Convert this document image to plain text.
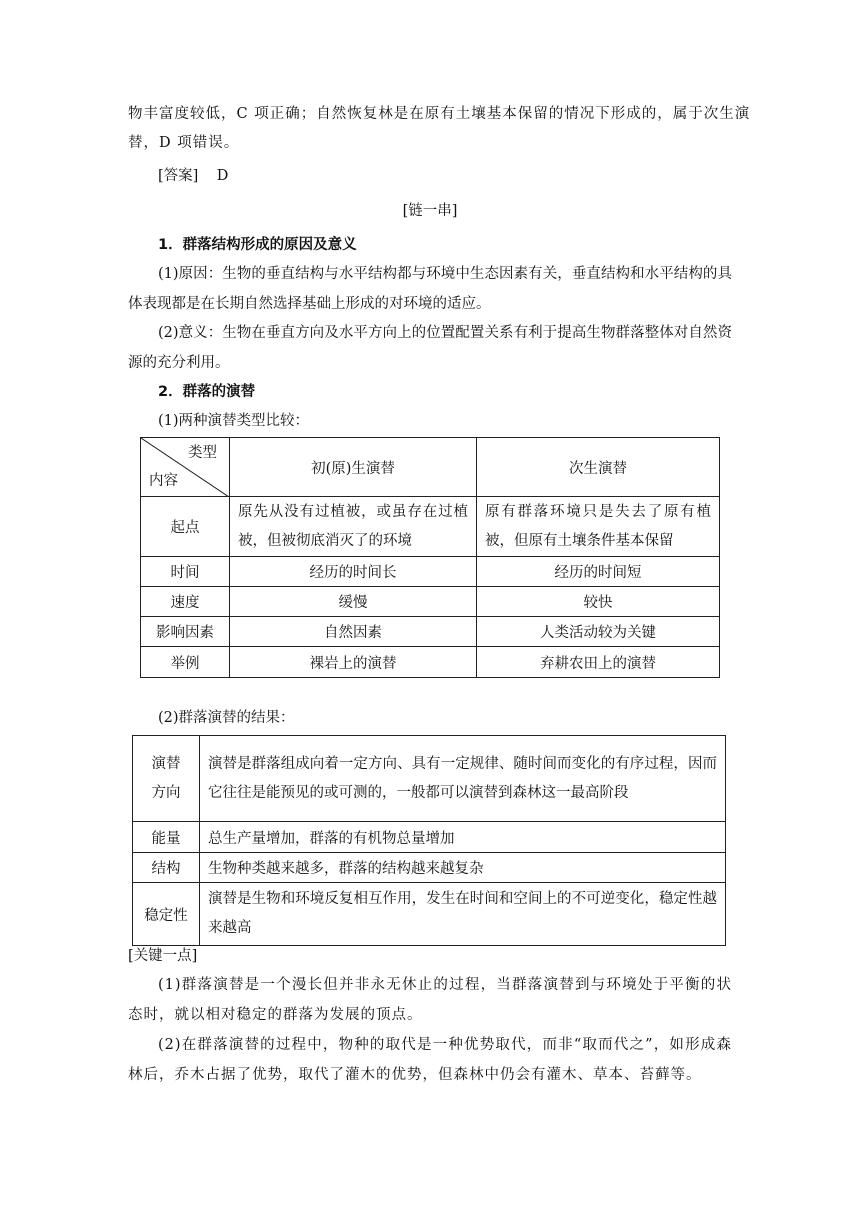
物丰富度较低，C 项正确；自然恢复林是在原有土壤基本保留的情况下形成的，属于次生演
替，D 项错误。
[答案] D
[链一串]
1．群落结构形成的原因及意义
(1)原因：生物的垂直结构与水平结构都与环境中生态因素有关，垂直结构和水平结构的具体表现都是在长期自然选择基础上形成的对环境的适应。
(2)意义：生物在垂直方向及水平方向上的位置配置关系有利于提高生物群落整体对自然资源的充分利用。
2．群落的演替
(1)两种演替类型比较：
类型
内容	初(原)生演替	次生演替
起点	原先从没有过植被，或虽存在过植被，但被彻底消灭了的环境	原有群落环境只是失去了原有植被，但原有土壤条件基本保留
时间	经历的时间长	经历的时间短
速度	缓慢	较快
影响因素	自然因素	人类活动较为关键
举例	裸岩上的演替	弃耕农田上的演替
(2)群落演替的结果：
演替方向	演替是群落组成向着一定方向、具有一定规律、随时间而变化的有序过程，因而它往往是能预见的或可测的，一般都可以演替到森林这一最高阶段
能量	总生产量增加，群落的有机物总量增加
结构	生物种类越来越多，群落的结构越来越复杂
稳定性	演替是生物和环境反复相互作用，发生在时间和空间上的不可逆变化，稳定性越来越高
[关键一点]
(1)群落演替是一个漫长但并非永无休止的过程，当群落演替到与环境处于平衡的状态时，就以相对稳定的群落为发展的顶点。
(2)在群落演替的过程中，物种的取代是一种优势取代，而非“取而代之”，如形成森林后，乔木占据了优势，取代了灌木的优势，但森林中仍会有灌木、草本、苔藓等。
